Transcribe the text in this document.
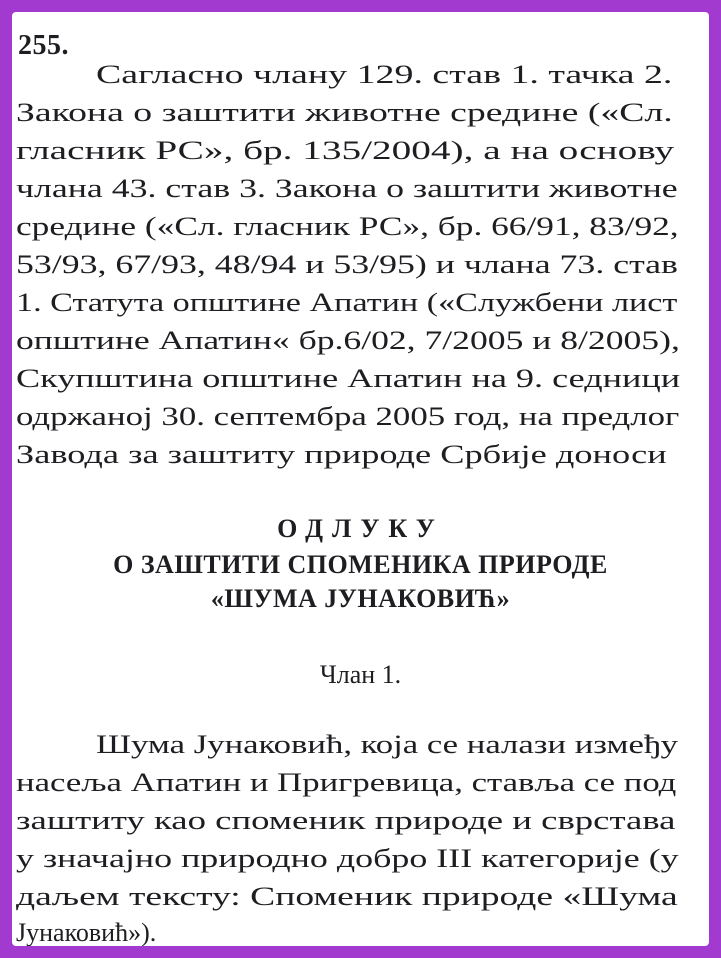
255.
Сагласно члану 129. став 1. тачка 2.
Закона о заштити животне средине («Сл.
гласник РС», бр. 135/2004), а на основу
члана 43. став 3. Закона о заштити животне
средине («Сл. гласник РС», бр. 66/91, 83/92,
53/93, 67/93, 48/94 и 53/95) и члана 73. став
1. Статута општине Апатин («Службени лист
општине Апатин« бр.6/02, 7/2005 и 8/2005),
Скупштина општине Апатин на 9. седници
одржаној 30. септембра 2005 год, на предлог
Завода за заштиту природе Србије доноси
ОДЛУКУ
О ЗАШТИТИ СПОМЕНИКА ПРИРОДЕ
«ШУМА ЈУНАКОВИЋ»
Члан 1.
Шума Јунаковић, која се налази између
насеља Апатин и Пригревица, ставља се под
заштиту као споменик природе и сврстава
у значајно природно добро III категорије (у
даљем тексту: Споменик природе «Шума
Јунаковић»).
